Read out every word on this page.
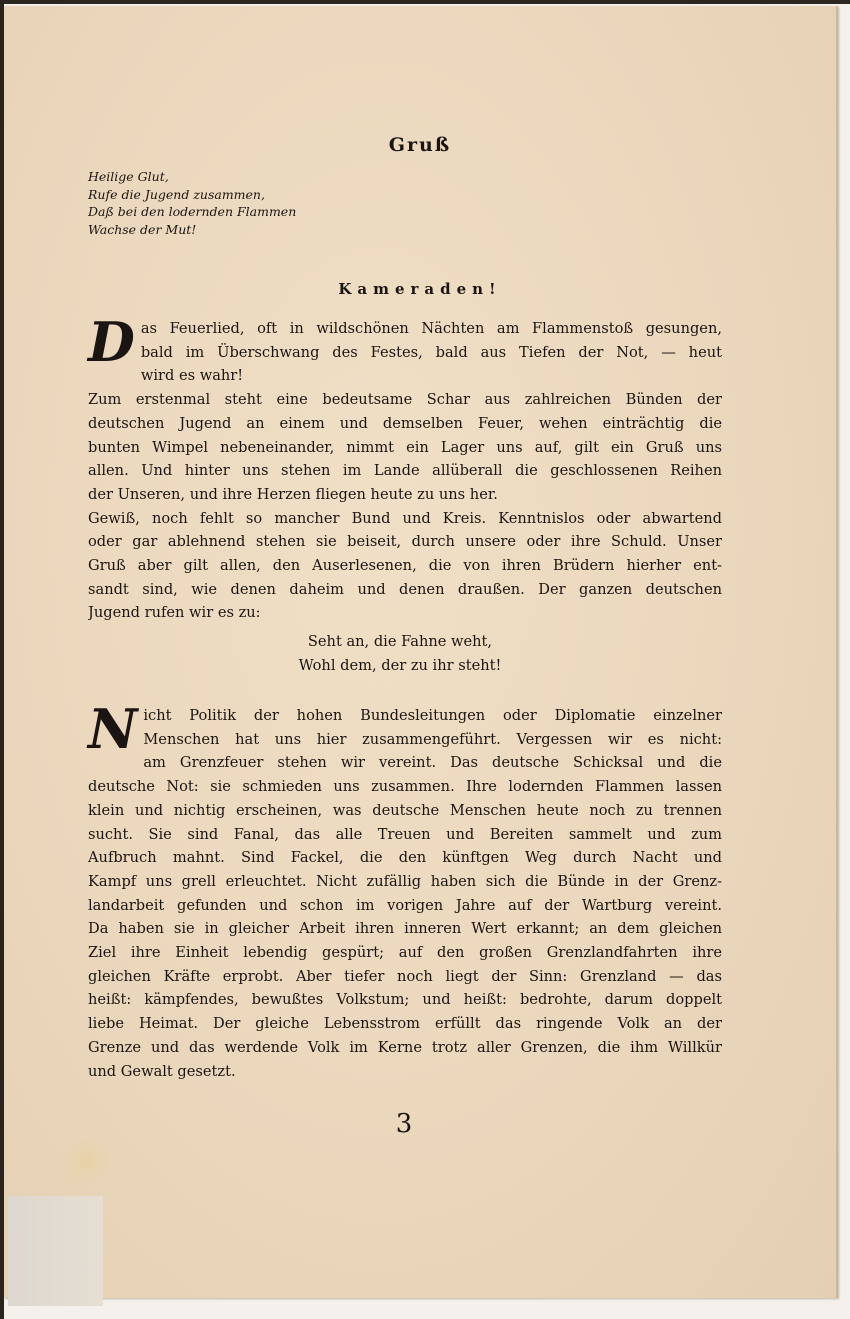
Gruß
Heilige Glut,
Rufe die Jugend zusammen,
Daß bei den lodernden Flammen
Wachse der Mut!
Kameraden!
D as Feuerlied, oft in wildschönen Nächten am Flammenstoß gesungen,
bald im Überschwang des Festes, bald aus Tiefen der Not, — heut
wird es wahr!
Zum erstenmal steht eine bedeutsame Schar aus zahlreichen Bünden der
deutschen Jugend an einem und demselben Feuer, wehen einträchtig die
bunten Wimpel nebeneinander, nimmt ein Lager uns auf, gilt ein Gruß uns
allen. Und hinter uns stehen im Lande allüberall die geschlossenen Reihen
der Unseren, und ihre Herzen fliegen heute zu uns her.
Gewiß, noch fehlt so mancher Bund und Kreis. Kenntnislos oder abwartend
oder gar ablehnend stehen sie beiseit, durch unsere oder ihre Schuld. Unser
Gruß aber gilt allen, den Auserlesenen, die von ihren Brüdern hierher ent-
sandt sind, wie denen daheim und denen draußen. Der ganzen deutschen
Jugend rufen wir es zu:
Seht an, die Fahne weht,
Wohl dem, der zu ihr steht!
N icht Politik der hohen Bundesleitungen oder Diplomatie einzelner
Menschen hat uns hier zusammengeführt. Vergessen wir es nicht:
am Grenzfeuer stehen wir vereint. Das deutsche Schicksal und die
deutsche Not: sie schmieden uns zusammen. Ihre lodernden Flammen lassen
klein und nichtig erscheinen, was deutsche Menschen heute noch zu trennen
sucht. Sie sind Fanal, das alle Treuen und Bereiten sammelt und zum
Aufbruch mahnt. Sind Fackel, die den künftgen Weg durch Nacht und
Kampf uns grell erleuchtet. Nicht zufällig haben sich die Bünde in der Grenz-
landarbeit gefunden und schon im vorigen Jahre auf der Wartburg vereint.
Da haben sie in gleicher Arbeit ihren inneren Wert erkannt; an dem gleichen
Ziel ihre Einheit lebendig gespürt; auf den großen Grenzlandfahrten ihre
gleichen Kräfte erprobt. Aber tiefer noch liegt der Sinn: Grenzland — das
heißt: kämpfendes, bewußtes Volkstum; und heißt: bedrohte, darum doppelt
liebe Heimat. Der gleiche Lebensstrom erfüllt das ringende Volk an der
Grenze und das werdende Volk im Kerne trotz aller Grenzen, die ihm Willkür
und Gewalt gesetzt.
3
